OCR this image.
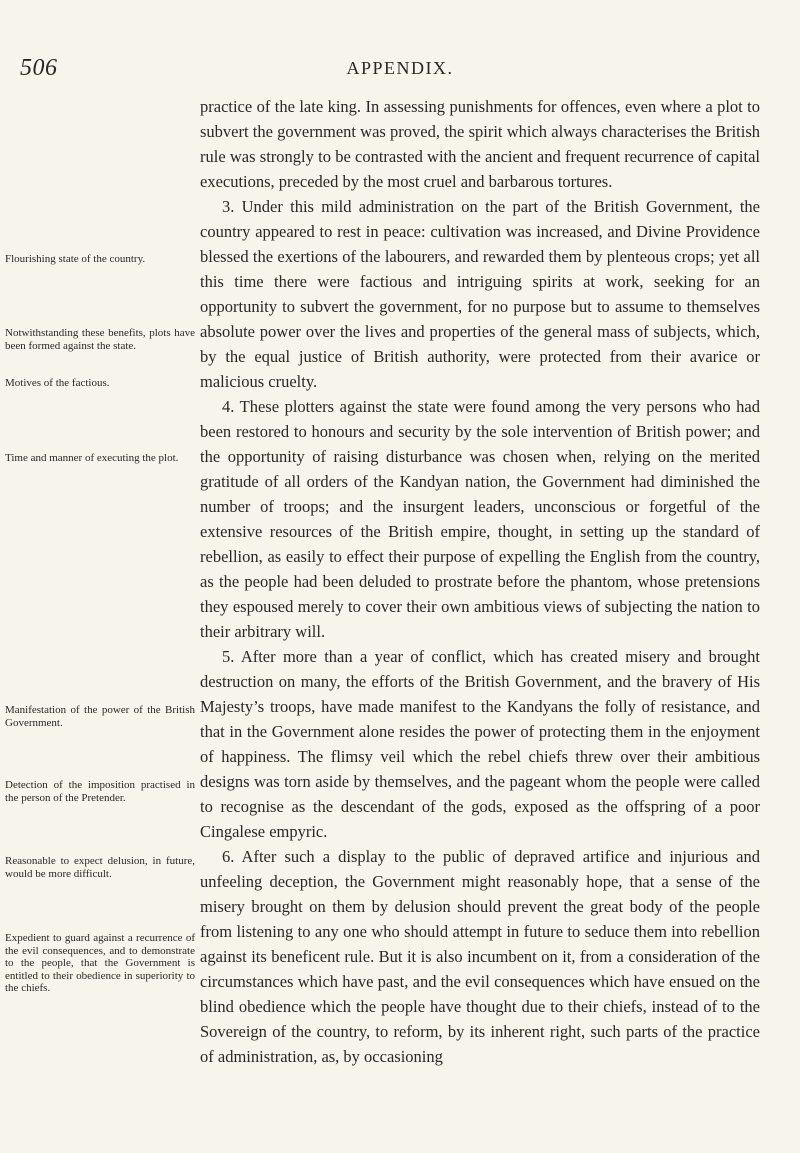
506	APPENDIX.
Flourishing state of the country.
Notwithstanding these benefits, plots have been formed against the state.
Motives of the factious.
Time and manner of executing the plot.
Manifestation of the power of the British Government.
Detection of the imposition practised in the person of the Pretender.
Reasonable to expect delusion, in future, would be more difficult.
Expedient to guard against a recurrence of the evil consequences, and to demonstrate to the people, that the Government is entitled to their obedience in superiority to the chiefs.

practice of the late king. In assessing punishments for offences, even where a plot to subvert the government was proved, the spirit which always characterises the British rule was strongly to be contrasted with the ancient and frequent recurrence of capital executions, preceded by the most cruel and barbarous tortures.

3. Under this mild administration on the part of the British Government, the country appeared to rest in peace: cultivation was increased, and Divine Providence blessed the exertions of the labourers, and rewarded them by plenteous crops; yet all this time there were factious and intriguing spirits at work, seeking for an opportunity to subvert the government, for no purpose but to assume to themselves absolute power over the lives and properties of the general mass of subjects, which, by the equal justice of British authority, were protected from their avarice or malicious cruelty.

4. These plotters against the state were found among the very persons who had been restored to honours and security by the sole intervention of British power; and the opportunity of raising disturbance was chosen when, relying on the merited gratitude of all orders of the Kandyan nation, the Government had diminished the number of troops; and the insurgent leaders, unconscious or forgetful of the extensive resources of the British empire, thought, in setting up the standard of rebellion, as easily to effect their purpose of expelling the English from the country, as the people had been deluded to prostrate before the phantom, whose pretensions they espoused merely to cover their own ambitious views of subjecting the nation to their arbitrary will.

5. After more than a year of conflict, which has created misery and brought destruction on many, the efforts of the British Government, and the bravery of His Majesty’s troops, have made manifest to the Kandyans the folly of resistance, and that in the Government alone resides the power of protecting them in the enjoyment of happiness. The flimsy veil which the rebel chiefs threw over their ambitious designs was torn aside by themselves, and the pageant whom the people were called to recognise as the descendant of the gods, exposed as the offspring of a poor Cingalese empyric.

6. After such a display to the public of depraved artifice and injurious and unfeeling deception, the Government might reasonably hope, that a sense of the misery brought on them by delusion should prevent the great body of the people from listening to any one who should attempt in future to seduce them into rebellion against its beneficent rule. But it is also incumbent on it, from a consideration of the circumstances which have past, and the evil consequences which have ensued on the blind obedience which the people have thought due to their chiefs, instead of to the Sovereign of the country, to reform, by its inherent right, such parts of the practice of administration, as, by occasioning
